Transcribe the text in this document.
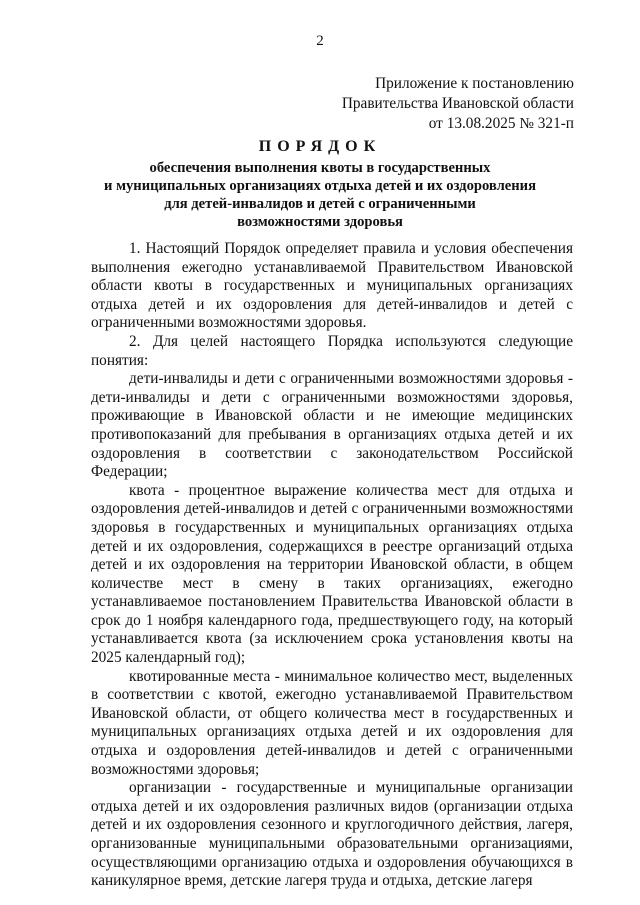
2
Приложение к постановлению
Правительства Ивановской области
от 13.08.2025 № 321-п
ПОРЯДОК
обеспечения выполнения квоты в государственных
и муниципальных организациях отдыха детей и их оздоровления
для детей-инвалидов и детей с ограниченными
возможностями здоровья

1. Настоящий Порядок определяет правила и условия обеспечения выполнения ежегодно устанавливаемой Правительством Ивановской области квоты в государственных и муниципальных организациях отдыха детей и их оздоровления для детей-инвалидов и детей с ограниченными возможностями здоровья.

2. Для целей настоящего Порядка используются следующие понятия:

дети-инвалиды и дети с ограниченными возможностями здоровья - дети-инвалиды и дети с ограниченными возможностями здоровья, проживающие в Ивановской области и не имеющие медицинских противопоказаний для пребывания в организациях отдыха детей и их оздоровления в соответствии с законодательством Российской Федерации;

квота - процентное выражение количества мест для отдыха и оздоровления детей-инвалидов и детей с ограниченными возможностями здоровья в государственных и муниципальных организациях отдыха детей и их оздоровления, содержащихся в реестре организаций отдыха детей и их оздоровления на территории Ивановской области, в общем количестве мест в смену в таких организациях, ежегодно устанавливаемое постановлением Правительства Ивановской области в срок до 1 ноября календарного года, предшествующего году, на который устанавливается квота (за исключением срока установления квоты на 2025 календарный год);

квотированные места - минимальное количество мест, выделенных в соответствии с квотой, ежегодно устанавливаемой Правительством Ивановской области, от общего количества мест в государственных и муниципальных организациях отдыха детей и их оздоровления для отдыха и оздоровления детей-инвалидов и детей с ограниченными возможностями здоровья;

организации - государственные и муниципальные организации отдыха детей и их оздоровления различных видов (организации отдыха детей и их оздоровления сезонного и круглогодичного действия, лагеря, организованные муниципальными образовательными организациями, осуществляющими организацию отдыха и оздоровления обучающихся в каникулярное время, детские лагеря труда и отдыха, детские лагеря
